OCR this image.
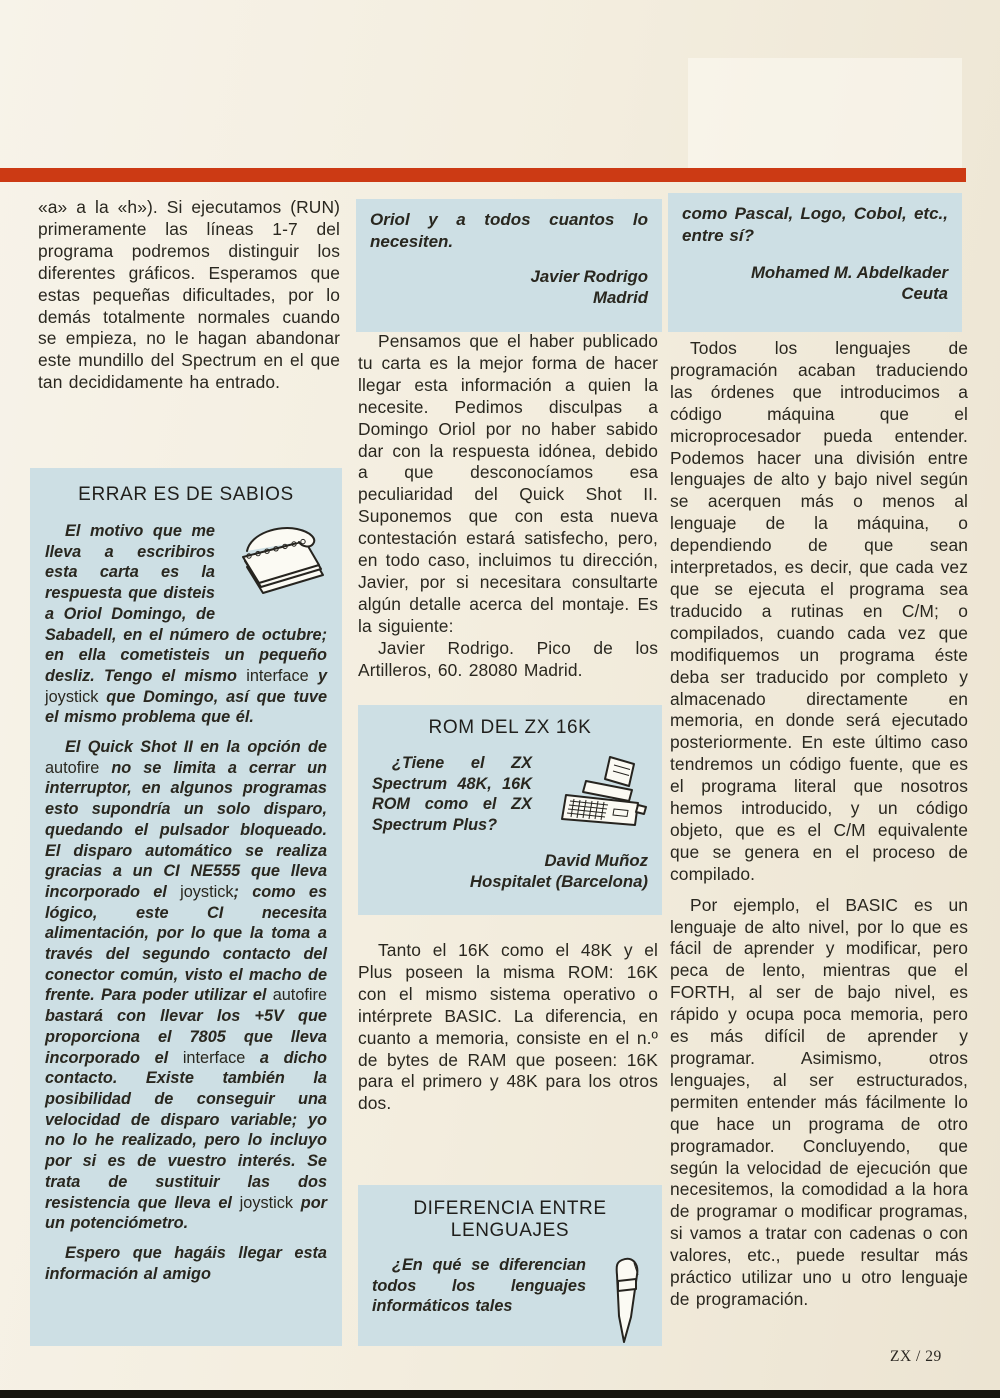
«a» a la «h»). Si ejecutamos (RUN) primeramente las líneas 1-7 del programa podremos distinguir los diferentes gráficos. Esperamos que estas pequeñas dificultades, por lo demás totalmente normales cuando se empieza, no le hagan abandonar este mundillo del Spectrum en el que tan decididamente ha entrado.

ERRAR ES DE SABIOS

El motivo que me lleva a escribiros esta carta es la respuesta que disteis a Oriol Domingo, de Sabadell, en el número de octubre; en ella cometisteis un pequeño desliz. Tengo el mismo interface y joystick que Domingo, así que tuve el mismo problema que él.

El Quick Shot II en la opción de autofire no se limita a cerrar un interruptor, en algunos programas esto supondría un solo disparo, quedando el pulsador bloqueado. El disparo automático se realiza gracias a un CI NE555 que lleva incorporado el joystick; como es lógico, este CI necesita alimentación, por lo que la toma a través del segundo contacto del conector común, visto el macho de frente. Para poder utilizar el autofire bastará con llevar los +5V que proporciona el 7805 que lleva incorporado el interface a dicho contacto. Existe también la posibilidad de conseguir una velocidad de disparo variable; yo no lo he realizado, pero lo incluyo por si es de vuestro interés. Se trata de sustituir las dos resistencia que lleva el joystick por un potenciómetro.

Espero que hagáis llegar esta información al amigo

Oriol y a todos cuantos lo necesiten.

Javier Rodrigo
Madrid

Pensamos que el haber publicado tu carta es la mejor forma de hacer llegar esta información a quien la necesite. Pedimos disculpas a Domingo Oriol por no haber sabido dar con la respuesta idónea, debido a que desconocíamos esa peculiaridad del Quick Shot II. Suponemos que con esta nueva contestación estará satisfecho, pero, en todo caso, incluimos tu dirección, Javier, por si necesitara consultarte algún detalle acerca del montaje. Es la siguiente:

Javier Rodrigo. Pico de los Artilleros, 60. 28080 Madrid.

ROM DEL ZX 16K

¿Tiene el ZX Spectrum 48K, 16K ROM como el ZX Spectrum Plus?

David Muñoz
Hospitalet (Barcelona)

Tanto el 16K como el 48K y el Plus poseen la misma ROM: 16K con el mismo sistema operativo o intérprete BASIC. La diferencia, en cuanto a memoria, consiste en el n.º de bytes de RAM que poseen: 16K para el primero y 48K para los otros dos.

DIFERENCIA ENTRE LENGUAJES

¿En qué se diferencian todos los lenguajes informáticos tales

como Pascal, Logo, Cobol, etc., entre sí?

Mohamed M. Abdelkader
Ceuta

Todos los lenguajes de programación acaban traduciendo las órdenes que introducimos a código máquina que el microprocesador pueda entender. Podemos hacer una división entre lenguajes de alto y bajo nivel según se acerquen más o menos al lenguaje de la máquina, o dependiendo de que sean interpretados, es decir, que cada vez que se ejecuta el programa sea traducido a rutinas en C/M; o compilados, cuando cada vez que modifiquemos un programa éste deba ser traducido por completo y almacenado directamente en memoria, en donde será ejecutado posteriormente. En este último caso tendremos un código fuente, que es el programa literal que nosotros hemos introducido, y un código objeto, que es el C/M equivalente que se genera en el proceso de compilado.

Por ejemplo, el BASIC es un lenguaje de alto nivel, por lo que es fácil de aprender y modificar, pero peca de lento, mientras que el FORTH, al ser de bajo nivel, es rápido y ocupa poca memoria, pero es más difícil de aprender y programar. Asimismo, otros lenguajes, al ser estructurados, permiten entender más fácilmente lo que hace un programa de otro programador. Concluyendo, que según la velocidad de ejecución que necesitemos, la comodidad a la hora de programar o modificar programas, si vamos a tratar con cadenas o con valores, etc., puede resultar más práctico utilizar uno u otro lenguaje de programación.

ZX / 29
